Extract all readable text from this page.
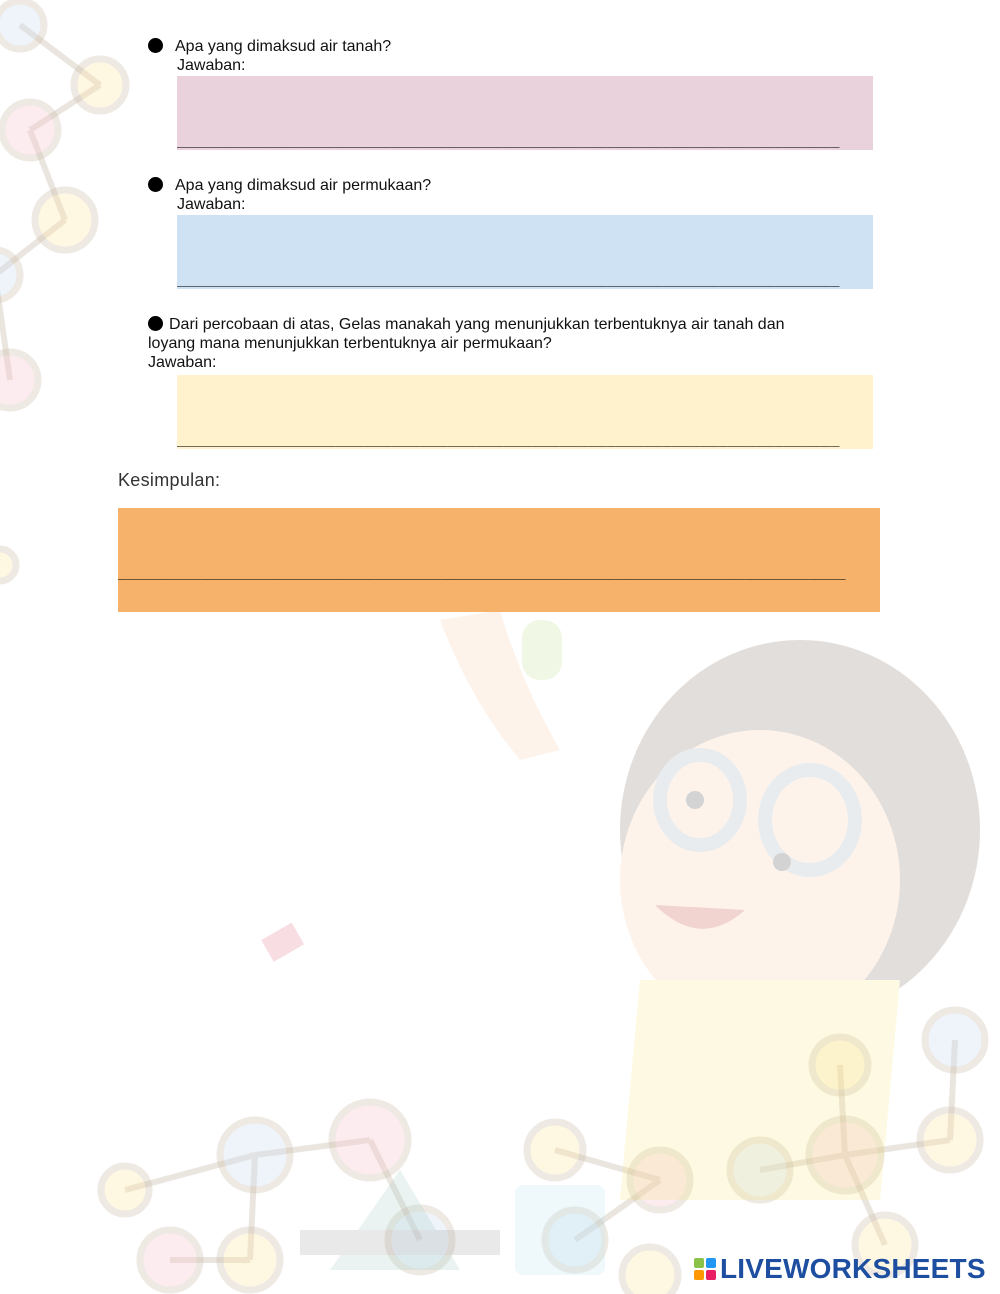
Apa yang dimaksud air tanah?
Jawaban:

_______________________________________________________________________

Apa yang dimaksud air permukaan?
Jawaban:

_______________________________________________________________________

Dari percobaan di atas, Gelas manakah yang menunjukkan terbentuknya air tanah dan
loyang mana menunjukkan terbentuknya air permukaan?
Jawaban:

_______________________________________________________________________

Kesimpulan:

_______________________________________________________________________________

LIVEWORKSHEETS
